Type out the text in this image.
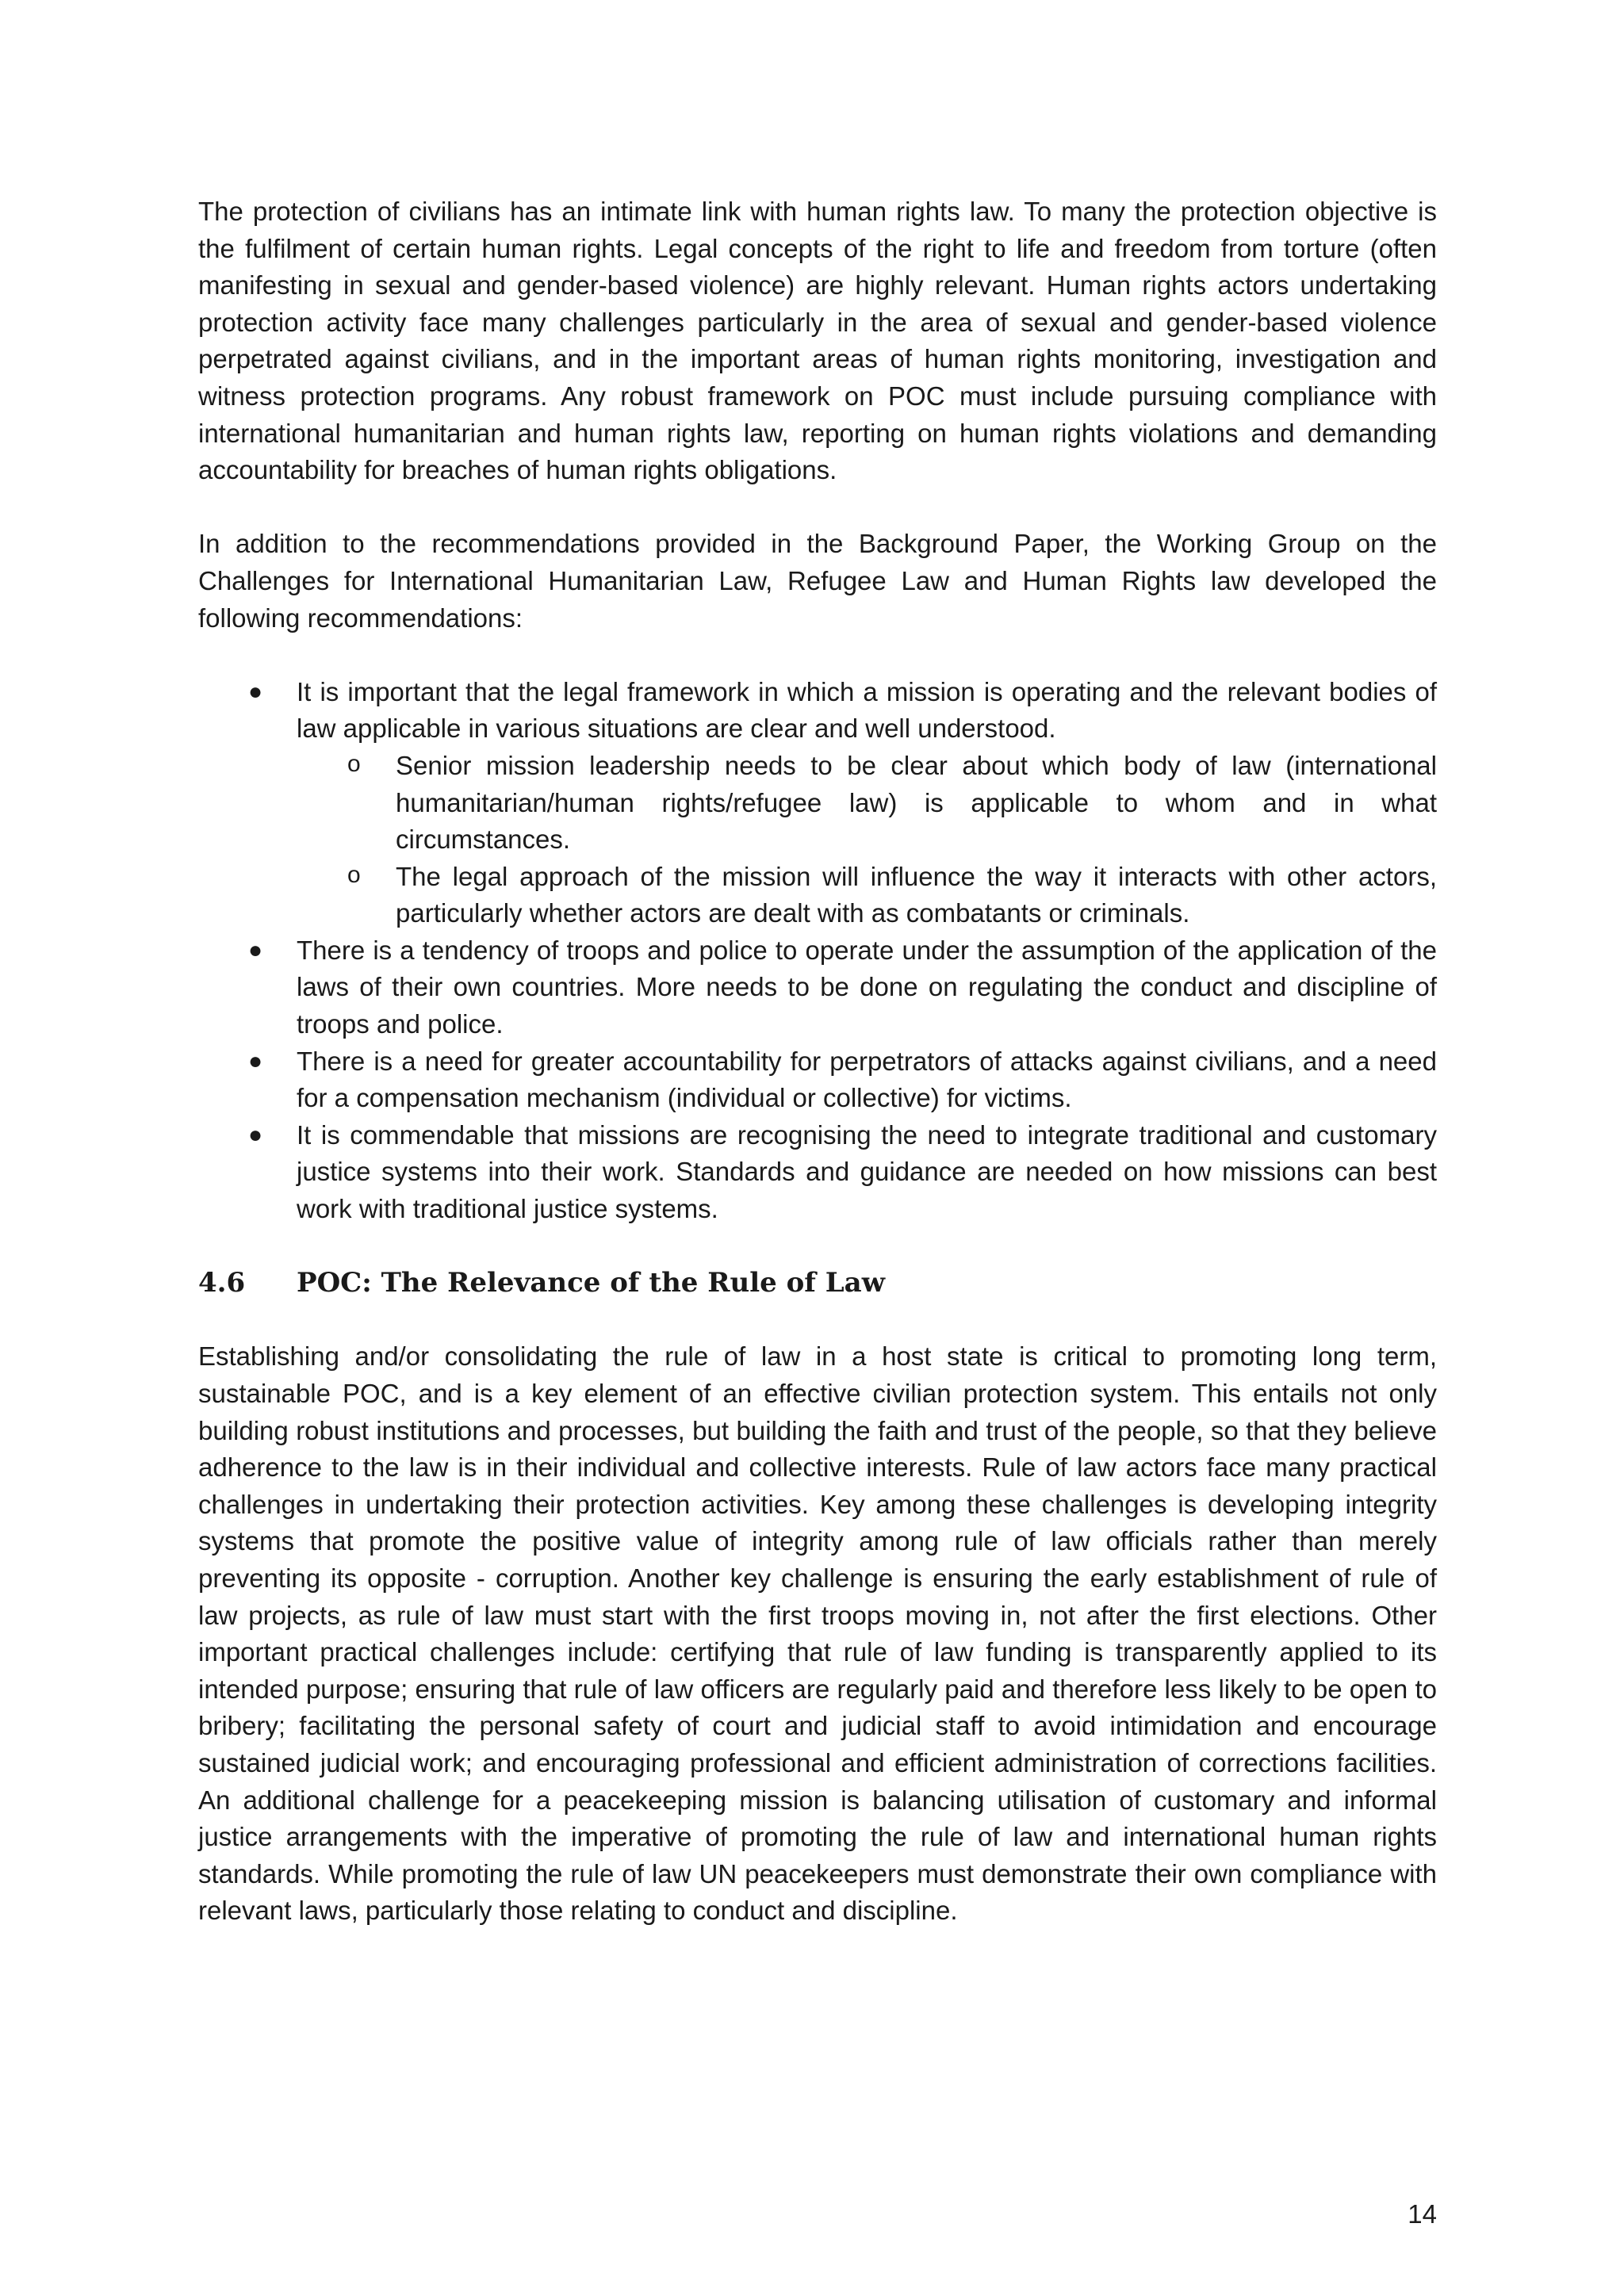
The protection of civilians has an intimate link with human rights law. To many the protection objective is the fulfilment of certain human rights. Legal concepts of the right to life and freedom from torture (often manifesting in sexual and gender-based violence) are highly relevant. Human rights actors undertaking protection activity face many challenges particularly in the area of sexual and gender-based violence perpetrated against civilians, and in the important areas of human rights monitoring, investigation and witness protection programs. Any robust framework on POC must include pursuing compliance with international humanitarian and human rights law, reporting on human rights violations and demanding accountability for breaches of human rights obligations.

In addition to the recommendations provided in the Background Paper, the Working Group on the Challenges for International Humanitarian Law, Refugee Law and Human Rights law developed the following recommendations:

● It is important that the legal framework in which a mission is operating and the relevant bodies of law applicable in various situations are clear and well understood.
o Senior mission leadership needs to be clear about which body of law (international humanitarian/human rights/refugee law) is applicable to whom and in what circumstances.
o The legal approach of the mission will influence the way it interacts with other actors, particularly whether actors are dealt with as combatants or criminals.
● There is a tendency of troops and police to operate under the assumption of the application of the laws of their own countries. More needs to be done on regulating the conduct and discipline of troops and police.
● There is a need for greater accountability for perpetrators of attacks against civilians, and a need for a compensation mechanism (individual or collective) for victims.
● It is commendable that missions are recognising the need to integrate traditional and customary justice systems into their work. Standards and guidance are needed on how missions can best work with traditional justice systems.
4.6	POC: The Relevance of the Rule of Law

Establishing and/or consolidating the rule of law in a host state is critical to promoting long term, sustainable POC, and is a key element of an effective civilian protection system. This entails not only building robust institutions and processes, but building the faith and trust of the people, so that they believe adherence to the law is in their individual and collective interests. Rule of law actors face many practical challenges in undertaking their protection activities. Key among these challenges is developing integrity systems that promote the positive value of integrity among rule of law officials rather than merely preventing its opposite - corruption. Another key challenge is ensuring the early establishment of rule of law projects, as rule of law must start with the first troops moving in, not after the first elections. Other important practical challenges include: certifying that rule of law funding is transparently applied to its intended purpose; ensuring that rule of law officers are regularly paid and therefore less likely to be open to bribery; facilitating the personal safety of court and judicial staff to avoid intimidation and encourage sustained judicial work; and encouraging professional and efficient administration of corrections facilities. An additional challenge for a peacekeeping mission is balancing utilisation of customary and informal justice arrangements with the imperative of promoting the rule of law and international human rights standards. While promoting the rule of law UN peacekeepers must demonstrate their own compliance with relevant laws, particularly those relating to conduct and discipline.

14
